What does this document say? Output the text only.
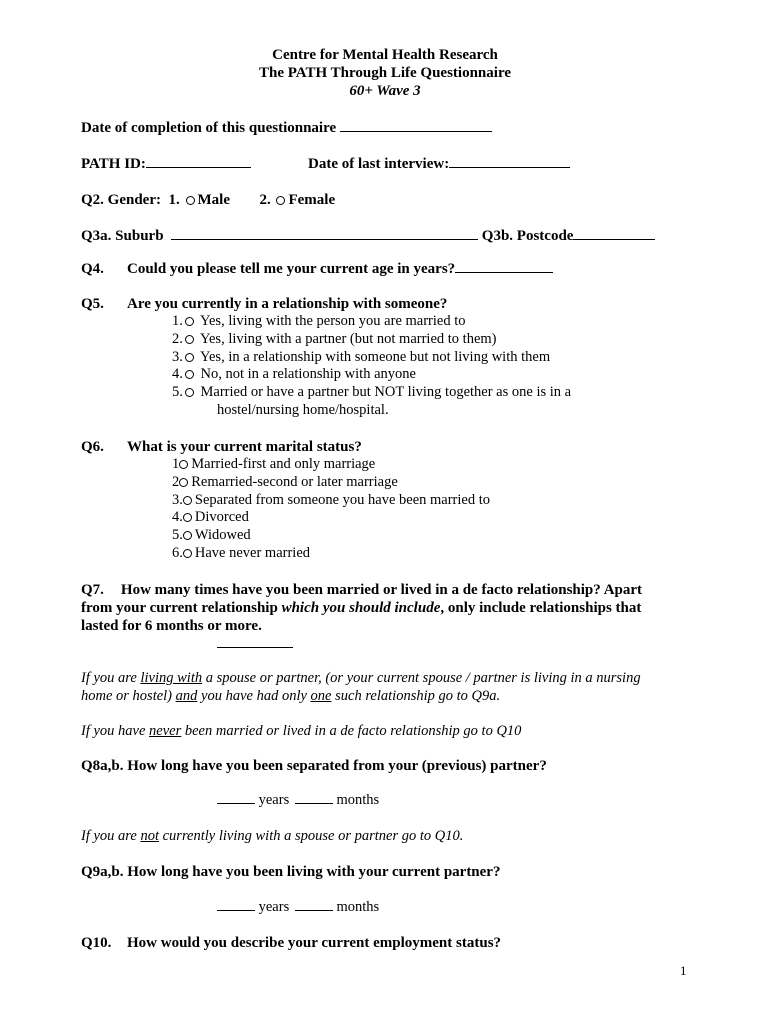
Centre for Mental Health Research
The PATH Through Life Questionnaire
60+ Wave 3
Date of completion of this questionnaire
PATH ID:	Date of last interview:
Q2. Gender: 1. Male 2. Female
Q3a. Suburb	Q3b. Postcode
Q4. Could you please tell me your current age in years?
Q5. Are you currently in a relationship with someone?
1. Yes, living with the person you are married to
2. Yes, living with a partner (but not married to them)
3. Yes, in a relationship with someone but not living with them
4. No, not in a relationship with anyone
5. Married or have a partner but NOT living together as one is in a
hostel/nursing home/hospital.
Q6. What is your current marital status?
1 Married-first and only marriage
2 Remarried-second or later marriage
3. Separated from someone you have been married to
4. Divorced
5. Widowed
6. Have never married
Q7. How many times have you been married or lived in a de facto relationship? Apart
from your current relationship which you should include, only include relationships that
lasted for 6 months or more.
If you are living with a spouse or partner, (or your current spouse / partner is living in a nursing
home or hostel) and you have had only one such relationship go to Q9a.
If you have never been married or lived in a de facto relationship go to Q10
Q8a,b. How long have you been separated from your (previous) partner?
years	months
If you are not currently living with a spouse or partner go to Q10.
Q9a,b. How long have you been living with your current partner?
years	months
Q10. How would you describe your current employment status?
1
